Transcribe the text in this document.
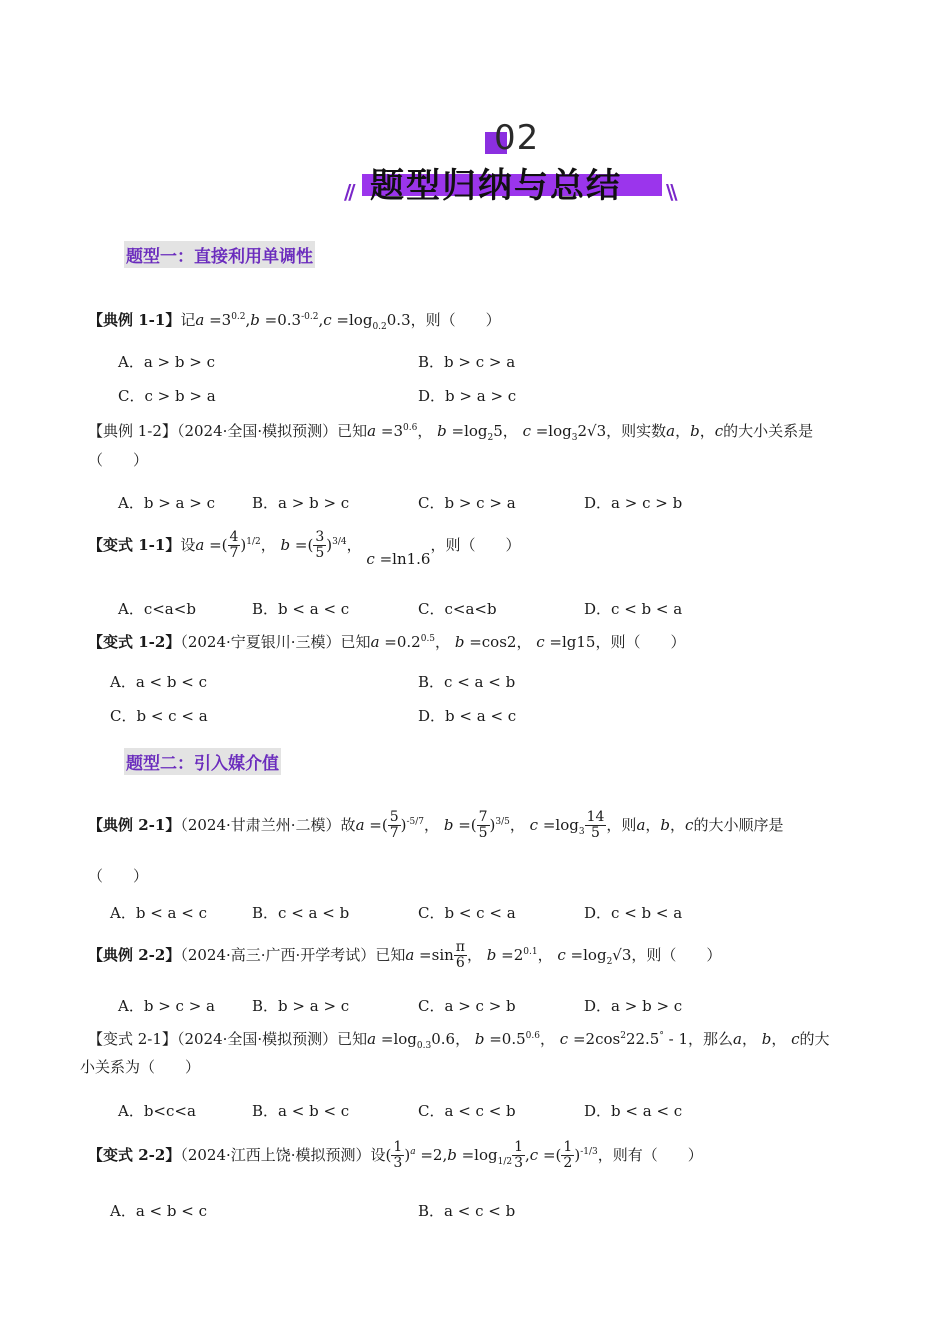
02
// 题型归纳与总结 \\
题型一：直接利用单调性
【典例 1-1】记$a =3^{0.2},b =0.3^{-0.2},c =\log_{0.2}0.3$，则（　　）
A．a > b > c	B．b > c > a
C．c > b > a	D．b > a > c
【典例 1-2】（2024·全国·模拟预测）已知$a =3^{0.6}$， $b =\log_25$， $c =\log_32√3$，则实数a，b，c的大小关系是
（　　）
A．b > a > c B．a > b > c	C．b > c > a	D．a > c > b
【变式 1-1】设a =( $\frac{4}{7} )^{1/2}$， b =( $\frac{3}{5} )^{3/4}$， c =ln1.6，则（　　）
A．c<a<b	B．b < a < c	C．c<a<b	D．c < b < a
【变式 1-2】（2024·宁夏银川·三模）已知$a =0.2^{0.5}$， b =cos2， c =lg15，则（　　）
A．a < b < c	B．c < a < b
C．b < c < a	D．b < a < c
题型二：引入媒介值
【典例 2-1】（2024·甘肃兰州·二模）故a =( $\frac{5}{7} )^{-5/7}$， b =( $\frac{7}{5} )^{3/5}$， $c =\log_3 \frac{14}{5}$ ，则a，b，c的大小顺序是
（　　）
A．b < a < c	B．c < a < b	C．b < c < a	D．c < b < a
【典例 2-2】（2024·高三·广西·开学考试）已知$a =\sin \frac{\pi}{6}$ ， $b =2^{0.1}$， $c =\log_2√3$，则（　　）
A．b > c > a B．b > a > c	C．a > c > b	D．a > b > c
【变式 2-1】（2024·全国·模拟预测）已知$a =\log_{0.3}0.6$， $b =0.5^{0.6}$， $c =2\cos^222.5^\circ - 1$，那么a， b， c的大
小关系为（　　）
A．b<c<a	B．a < b < c	C．a < c < b	D．b < a < c
【变式 2-2】（2024·江西上饶·模拟预测）设( $\frac{1}{3} )^a =2,b =\log_{1/2} \frac{1}{3} ,c$ =( $\frac{1}{2} )^{-1/3}$，则有（　　）
A．a < b < c	B．a < c < b
